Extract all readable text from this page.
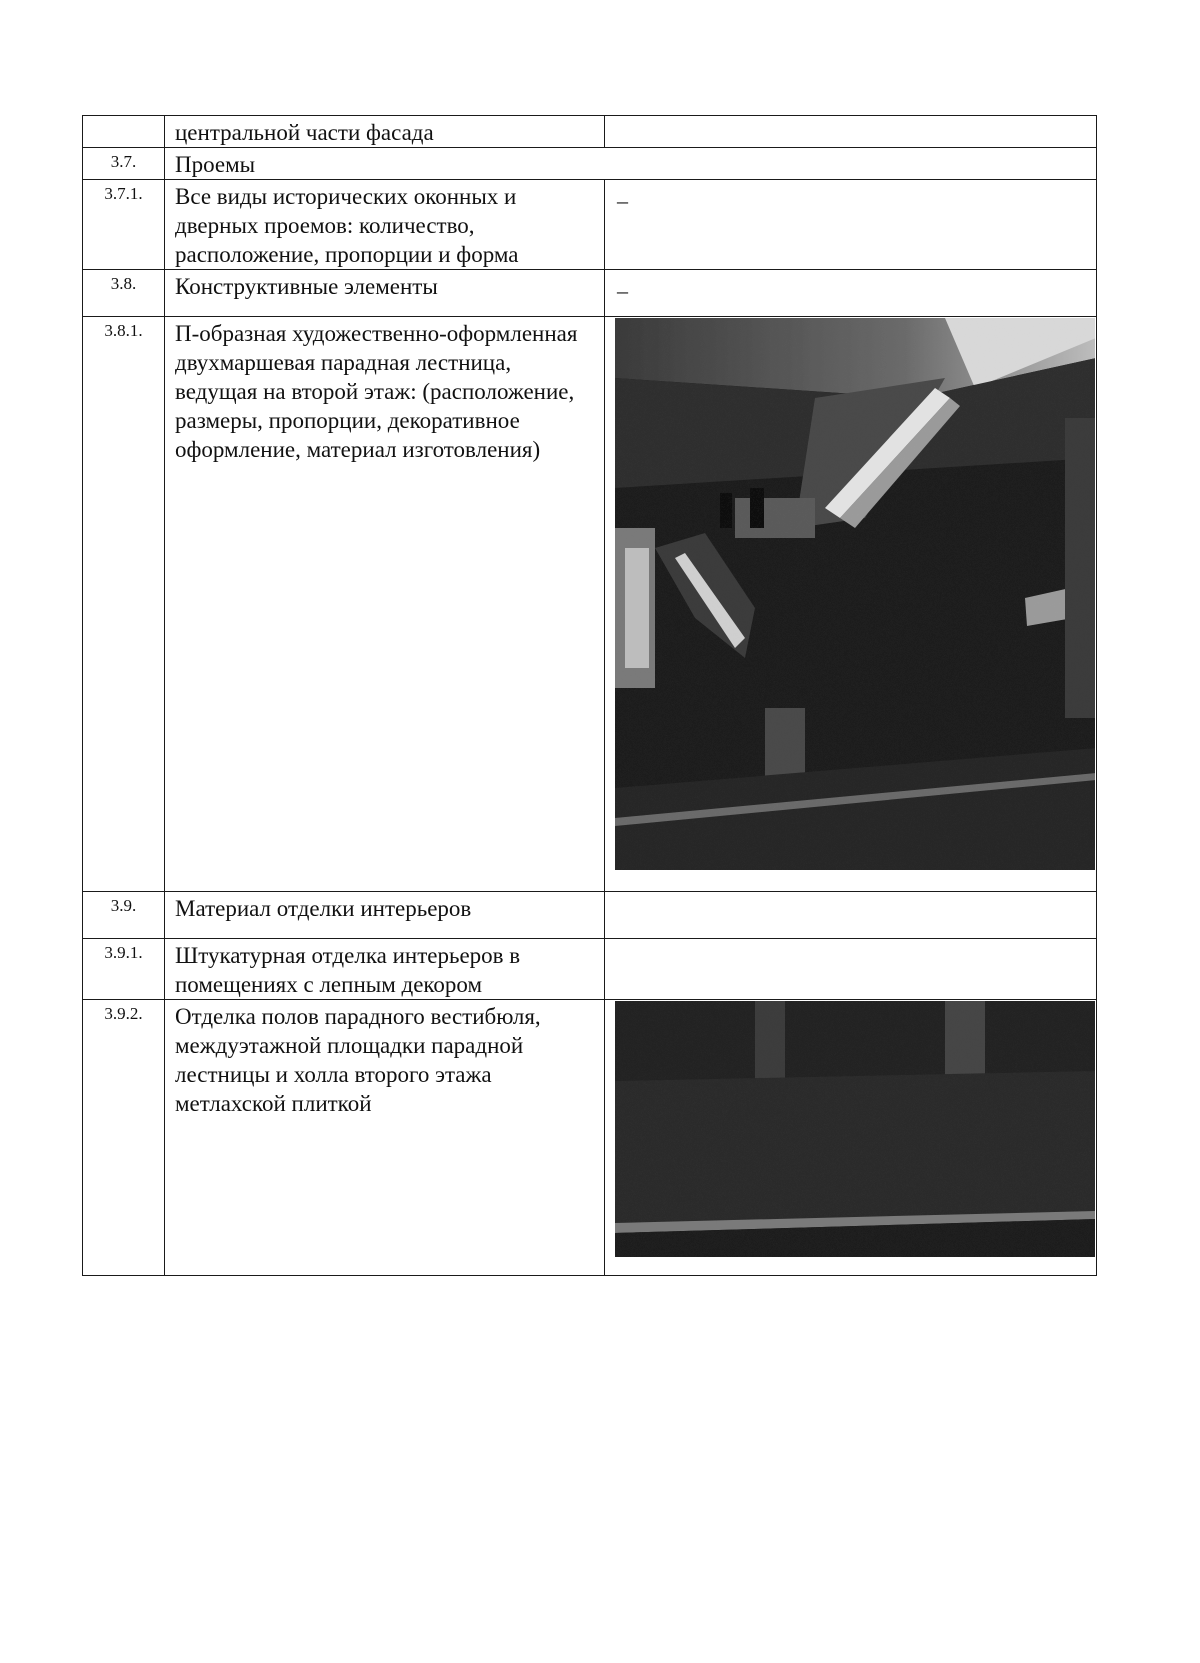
	центральной части фасада	
3.7.	Проемы	
3.7.1.	Все виды исторических оконных и дверных проемов: количество, расположение, пропорции и форма	–
3.8.	Конструктивные элементы	–
3.8.1.	П-образная художественно-оформленная двухмаршевая парадная лестница, ведущая на второй этаж: (расположение, размеры, пропорции, декоративное оформление, материал изготовления)	

3.9.	Материал отделки интерьеров	
3.9.1.	Штукатурная отделка интерьеров в помещениях с лепным декором	
3.9.2.	Отделка полов парадного вестибюля, междуэтажной площадки парадной лестницы и холла второго этажа метлахской плиткой	
